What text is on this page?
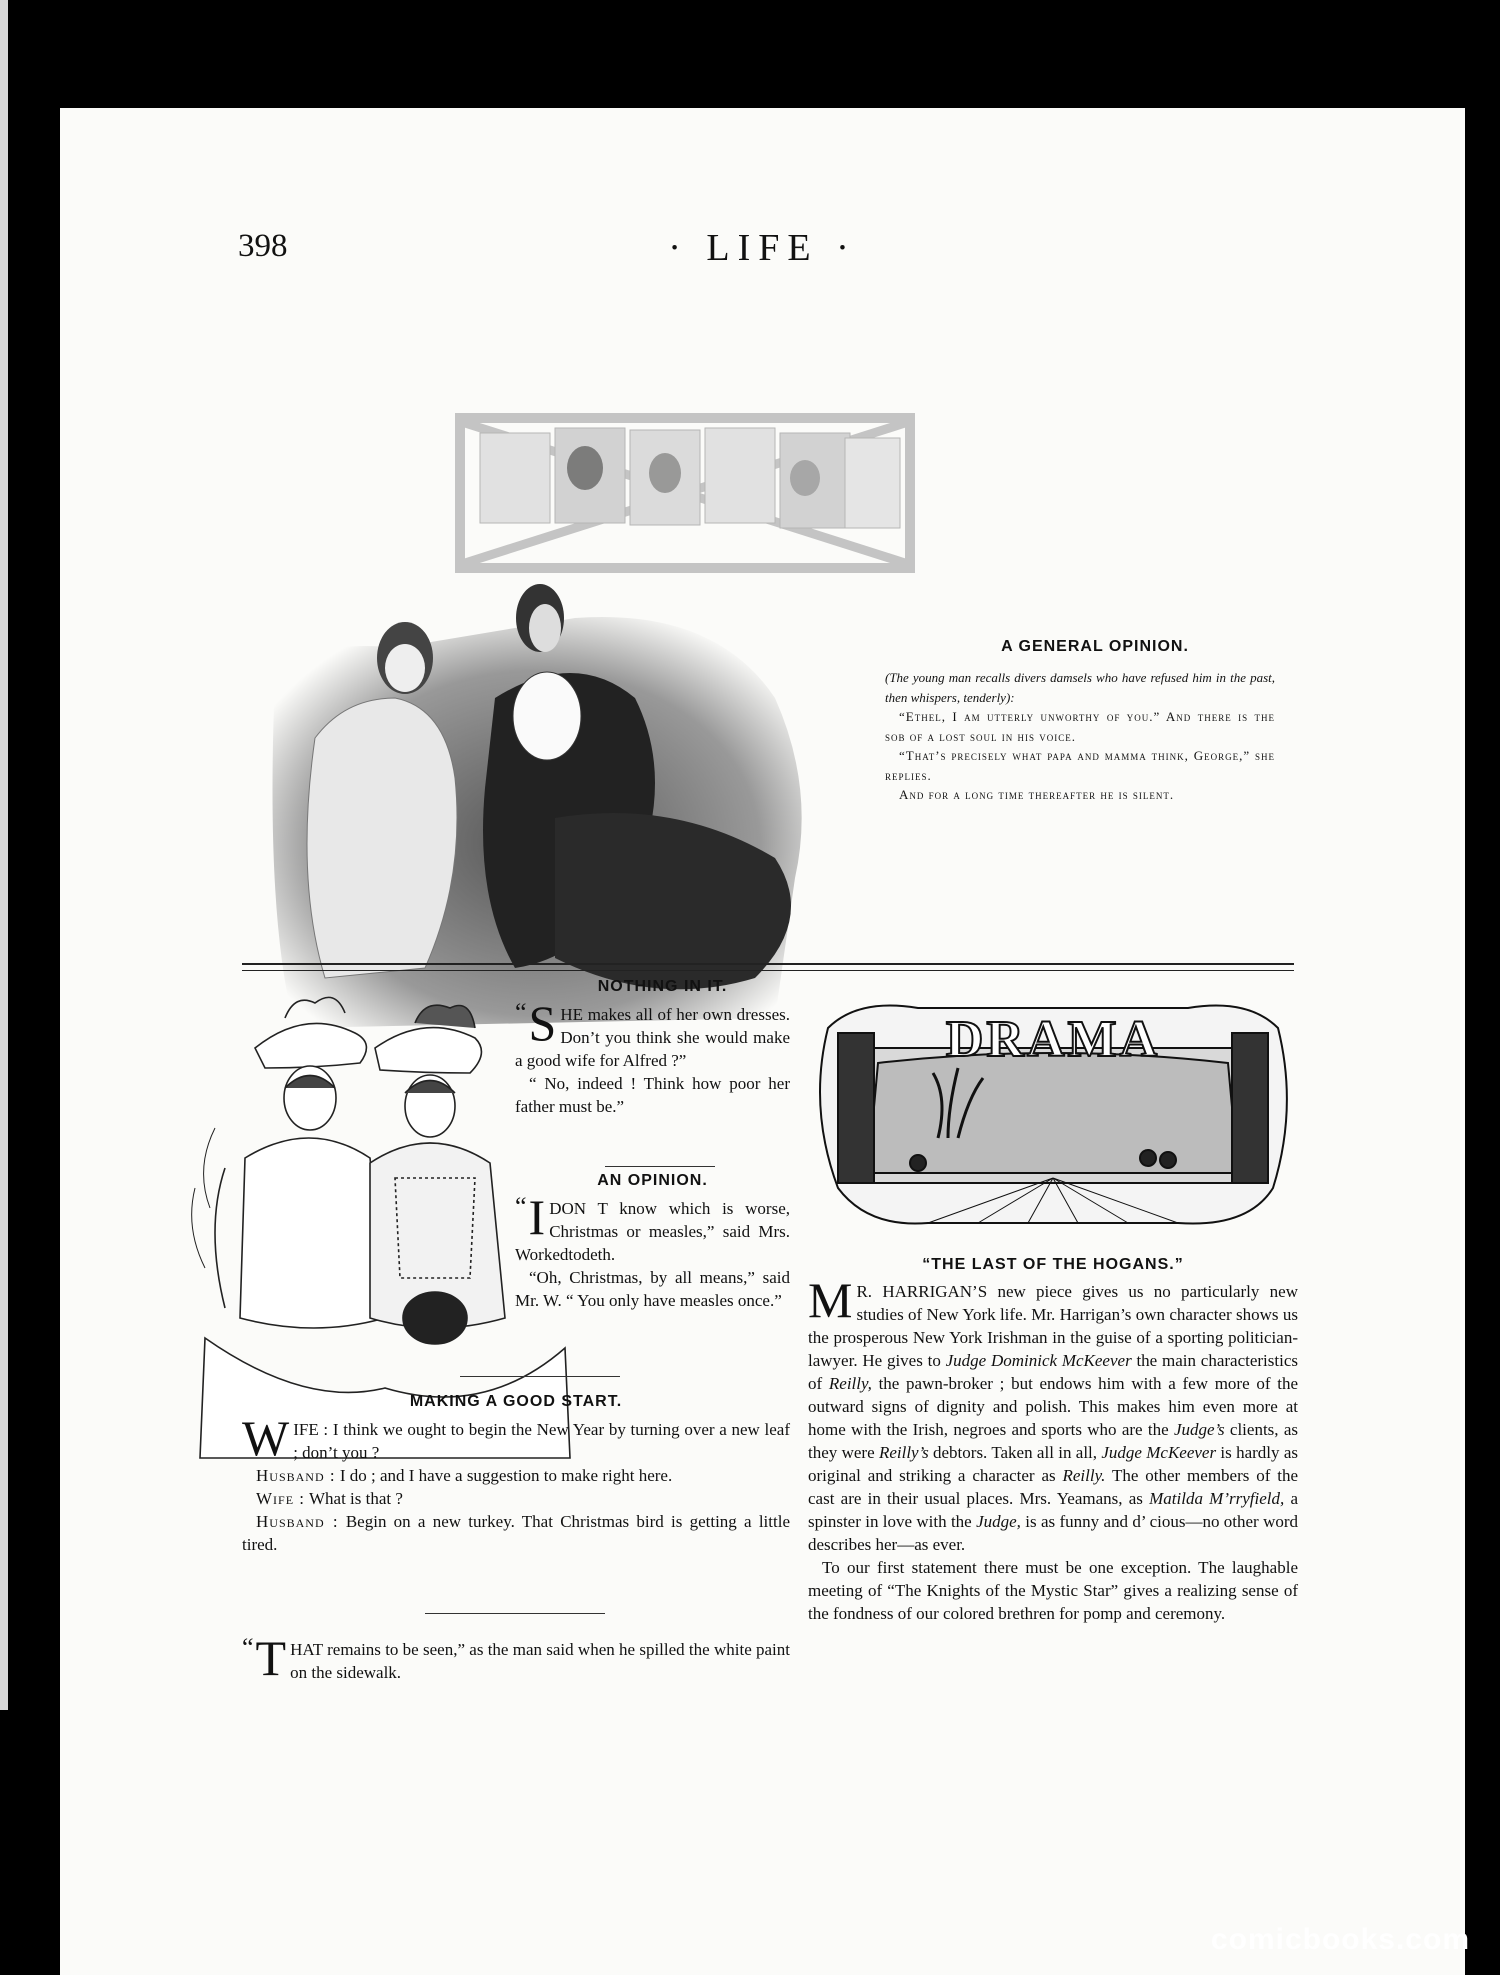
398	· LIFE ·
A GENERAL OPINION.

(The young man recalls divers damsels who have refused him in the past, then whispers, tenderly):

“Ethel, I am utterly unworthy of you.” And there is the sob of a lost soul in his voice.

“That’s precisely what papa and mamma think, George,” she replies.

And for a long time thereafter he is silent.

NOTHING IN IT.

“ S HE makes all of her own dresses. Don’t you think she would make a good wife for Alfred ?”

“ No, indeed ! Think how poor her father must be.”

AN OPINION.

“ I DON T know which is worse, Christmas or measles,” said Mrs. Workedtodeth.

“Oh, Christmas, by all means,” said Mr. W. “ You only have measles once.”

MAKING A GOOD START.

W IFE : I think we ought to begin the New Year by turning over a new leaf ; don’t you ?

Husband : I do ; and I have a suggestion to make right here.

Wife : What is that ?

Husband : Begin on a new turkey. That Christmas bird is getting a little tired.

“ T HAT remains to be seen,” as the man said when he spilled the white paint on the sidewalk.

DRAMA
“THE LAST OF THE HOGANS.”

M R. HARRIGAN’S new piece gives us no particularly new studies of New York life. Mr. Harrigan’s own character shows us the prosperous New York Irishman in the guise of a sporting politician-lawyer. He gives to Judge Dominick McKeever the main characteristics of Reilly, the pawn-broker ; but endows him with a few more of the outward signs of dignity and polish. This makes him even more at home with the Irish, negroes and sports who are the Judge’s clients, as they were Reilly’s debtors. Taken all in all, Judge McKeever is hardly as original and striking a character as Reilly. The other members of the cast are in their usual places. Mrs. Yeamans, as Matilda M’rryfield, a spinster in love with the Judge, is as funny and d’ cious—no other word describes her—as ever.

To our first statement there must be one exception. The laughable meeting of “The Knights of the Mystic Star” gives a realizing sense of the fondness of our colored brethren for pomp and ceremony.

comicbooks.com
